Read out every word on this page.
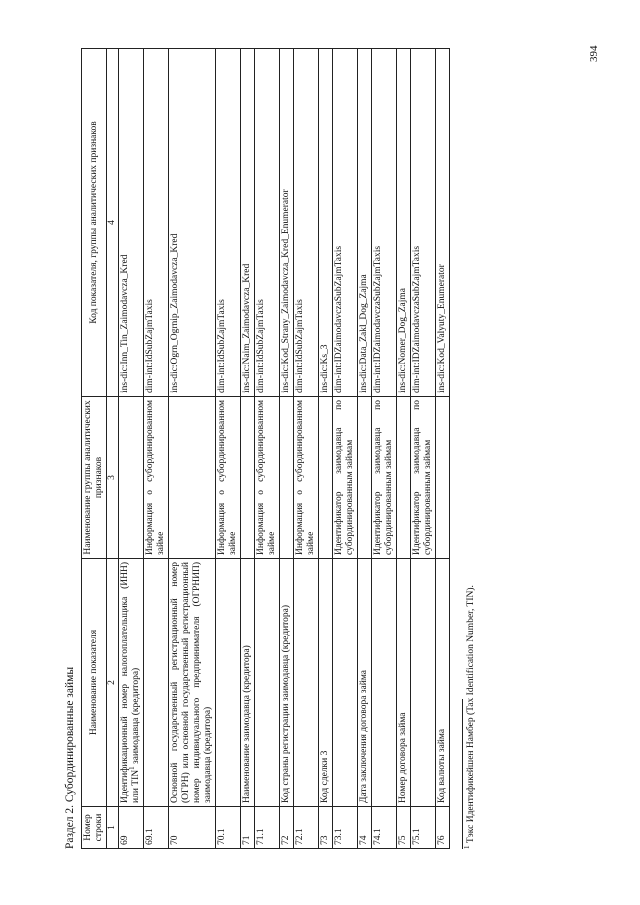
394
Раздел 2. Субординированные займы Номер строки	Наименование показателя	Наименование группы аналитических признаков	Код показателя, группы аналитических признаков
1	2	3	4
69	Идентификационный номер налогоплательщика (ИНН) или TIN$^1$ заимодавца (кредитора)		ins-dic:Inn_Tin_Zaimodavcza_Kred
69.1		Информация о субординированном займе	dim-int:IdSubZajmTaxis
70	Основной государственный регистрационный номер (ОГРН) или основной государственный регистрационный номер индивидуального предпринимателя (ОГРНИП) заимодавца (кредитора)		ins-dic:Ogrn_Ogrnip_Zaimodavcza_Kred
70.1		Информация о субординированном займе	dim-int:IdSubZajmTaxis
71	Наименование заимодавца (кредитора)		ins-dic:Naim_Zaimodavcza_Kred
71.1		Информация о субординированном займе	dim-int:IdSubZajmTaxis
72	Код страны регистрации заимодавца (кредитора)		ins-dic:Kod_Strany_Zaimodavcza_Kred_Enumerator
72.1		Информация о субординированном займе	dim-int:IdSubZajmTaxis
73	Код сделки 3		ins-dic:Ks_3
73.1		Идентификатор заимодавца по субординированным займам	dim-int:IDZaimodavczaSubZajmTaxis
74	Дата заключения договора займа		ins-dic:Data_Zakl_Dog_Zajma
74.1		Идентификатор заимодавца по субординированным займам	dim-int:IDZaimodavczaSubZajmTaxis
75	Номер договора займа		ins-dic:Nomer_Dog_Zajma
75.1		Идентификатор заимодавца по субординированным займам	dim-int:IDZaimodavczaSubZajmTaxis
76	Код валюты займа		ins-dic:Kod_Valyuty_Enumerator
$^1$ Тэкс Идентификейшен Намбер (Tax Identification Number, TIN).
